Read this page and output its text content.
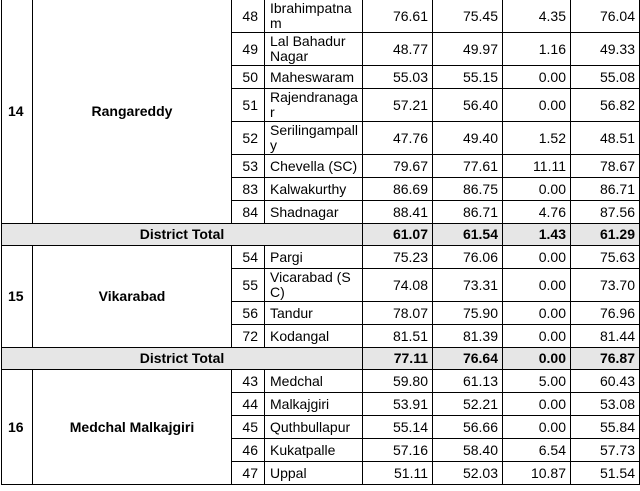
14	Rangareddy	48	Ibrahimpatnam	76.61	75.45	4.35	76.04
		49	Lal Bahadur Nagar	48.77	49.97	1.16	49.33
		50	Maheswaram	55.03	55.15	0.00	55.08
		51	Rajendranagar	57.21	56.40	0.00	56.82
		52	Serilingampally	47.76	49.40	1.52	48.51
		53	Chevella (SC)	79.67	77.61	11.11	78.67
		83	Kalwakurthy	86.69	86.75	0.00	86.71
		84	Shadnagar	88.41	86.71	4.76	87.56
District Total				61.07	61.54	1.43	61.29
15	Vikarabad	54	Pargi	75.23	76.06	0.00	75.63
		55	Vicarabad (SC)	74.08	73.31	0.00	73.70
		56	Tandur	78.07	75.90	0.00	76.96
		72	Kodangal	81.51	81.39	0.00	81.44
District Total				77.11	76.64	0.00	76.87
16	Medchal Malkajgiri	43	Medchal	59.80	61.13	5.00	60.43
		44	Malkajgiri	53.91	52.21	0.00	53.08
		45	Quthbullapur	55.14	56.66	0.00	55.84
		46	Kukatpalle	57.16	58.40	6.54	57.73
		47	Uppal	51.11	52.03	10.87	51.54
